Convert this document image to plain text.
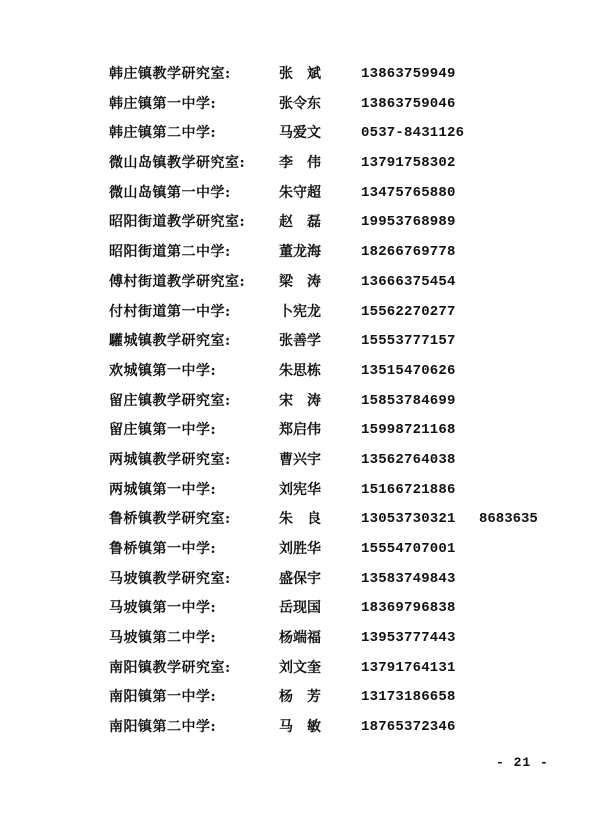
韩庄镇教学研究室:	张　斌	13863759949
韩庄镇第一中学:	张令东	13863759046
韩庄镇第二中学:	马爱文	0537-8431126
微山岛镇教学研究室: 李　伟	13791758302
微山岛镇第一中学:	朱守超	13475765880
昭阳街道教学研究室: 赵　磊	19953768989
昭阳街道第二中学:	董龙海	18266769778
傅村街道教学研究室: 梁　涛	13666375454
付村街道第一中学:	卜宪龙	15562270277
驩城镇教学研究室:	张善学	15553777157
欢城镇第一中学:	朱思栋	13515470626
留庄镇教学研究室:	宋　涛	15853784699
留庄镇第一中学:	郑启伟	15998721168
两城镇教学研究室:	曹兴宇	13562764038
两城镇第一中学:	刘宪华	15166721886
鲁桥镇教学研究室:	朱　良	13053730321 8683635
鲁桥镇第一中学:	刘胜华	15554707001
马坡镇教学研究室:	盛保宇	13583749843
马坡镇第一中学:	岳现国	18369796838
马坡镇第二中学:	杨端福	13953777443
南阳镇教学研究室:	刘文奎	13791764131
南阳镇第一中学:	杨　芳	13173186658
南阳镇第二中学:	马　敏	18765372346
- 21 -
